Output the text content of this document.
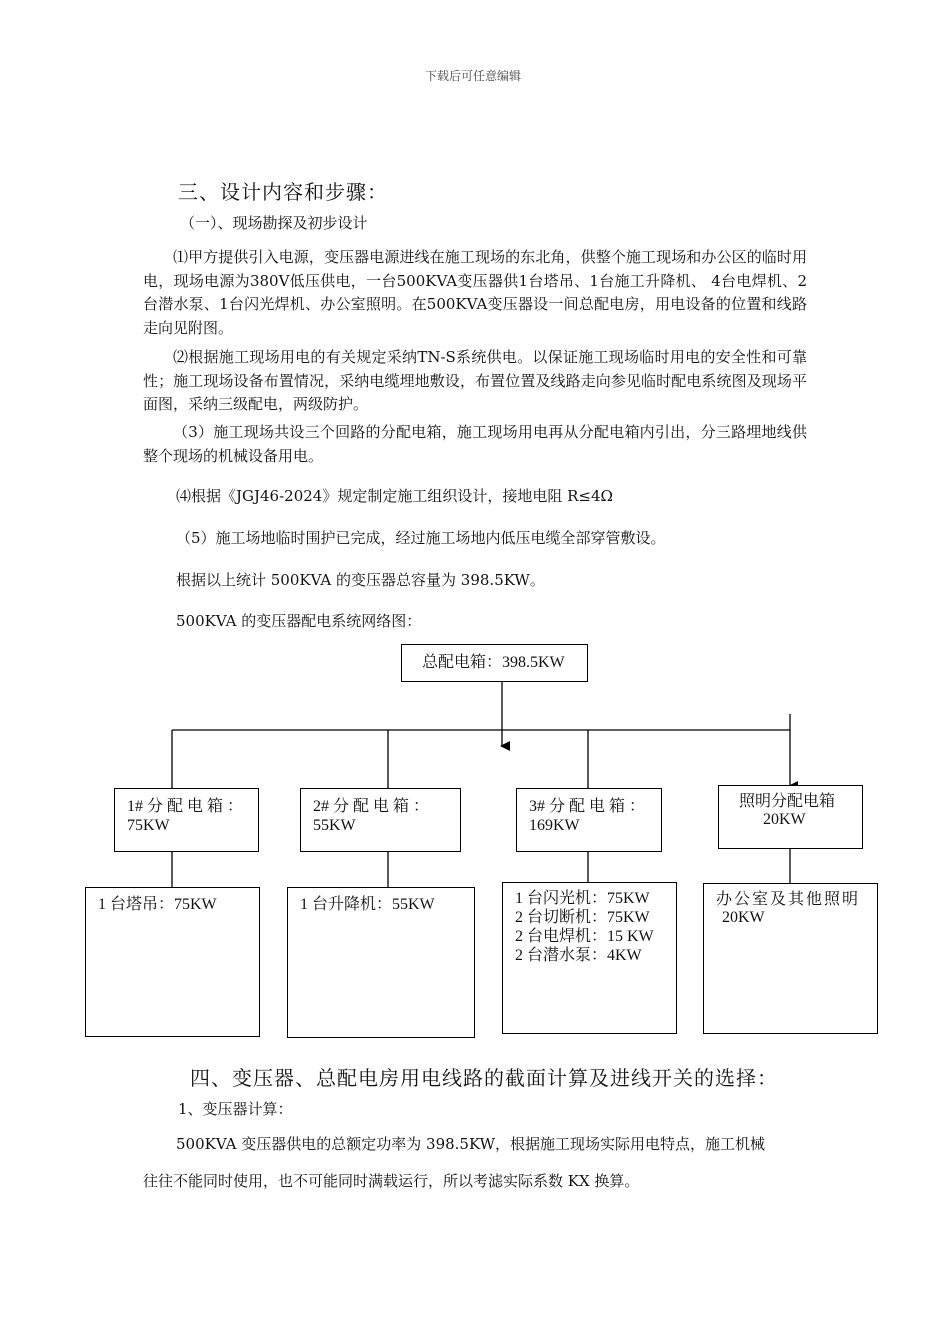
下载后可任意编辑
三、设计内容和步骤：
（一）、现场勘探及初步设计
⑴甲方提供引入电源，变压器电源进线在施工现场的东北角，供整个施工现场和办公区的临时用电，现场电源为380V低压供电，一台500KVA变压器供1台塔吊、1台施工升降机、 4台电焊机、2台潜水泵、1台闪光焊机、办公室照明。在500KVA变压器设一间总配电房，用电设备的位置和线路走向见附图。
⑵根据施工现场用电的有关规定采纳TN-S系统供电。以保证施工现场临时用电的安全性和可靠性；施工现场设备布置情况，采纳电缆埋地敷设，布置位置及线路走向参见临时配电系统图及现场平面图，采纳三级配电，两级防护。
（3）施工现场共设三个回路的分配电箱，施工现场用电再从分配电箱内引出，分三路埋地线供整个现场的机械设备用电。
⑷根据《JGJ46-2024》规定制定施工组织设计，接地电阻 R≤4Ω
（5）施工场地临时围护已完成，经过施工场地内低压电缆全部穿管敷设。
根据以上统计 500KVA 的变压器总容量为 398.5KW。
500KVA 的变压器配电系统网络图：
总配电箱：398.5KW
1# 分 配 电 箱 ：
75KW
2# 分 配 电 箱 ：
55KW
3# 分 配 电 箱 ：
169KW
照明分配电箱
20KW
1 台塔吊：75KW	1 台升降机：55KW	1 台闪光机：75KW
2 台切断机：75KW
2 台电焊机：15 KW
2 台潜水泵：4KW
办公室及其他照明
20KW
四、变压器、总配电房用电线路的截面计算及进线开关的选择：
1、变压器计算：
500KVA 变压器供电的总额定功率为 398.5KW，根据施工现场实际用电特点，施工机械
往往不能同时使用，也不可能同时满载运行，所以考滤实际系数 KX 换算。
